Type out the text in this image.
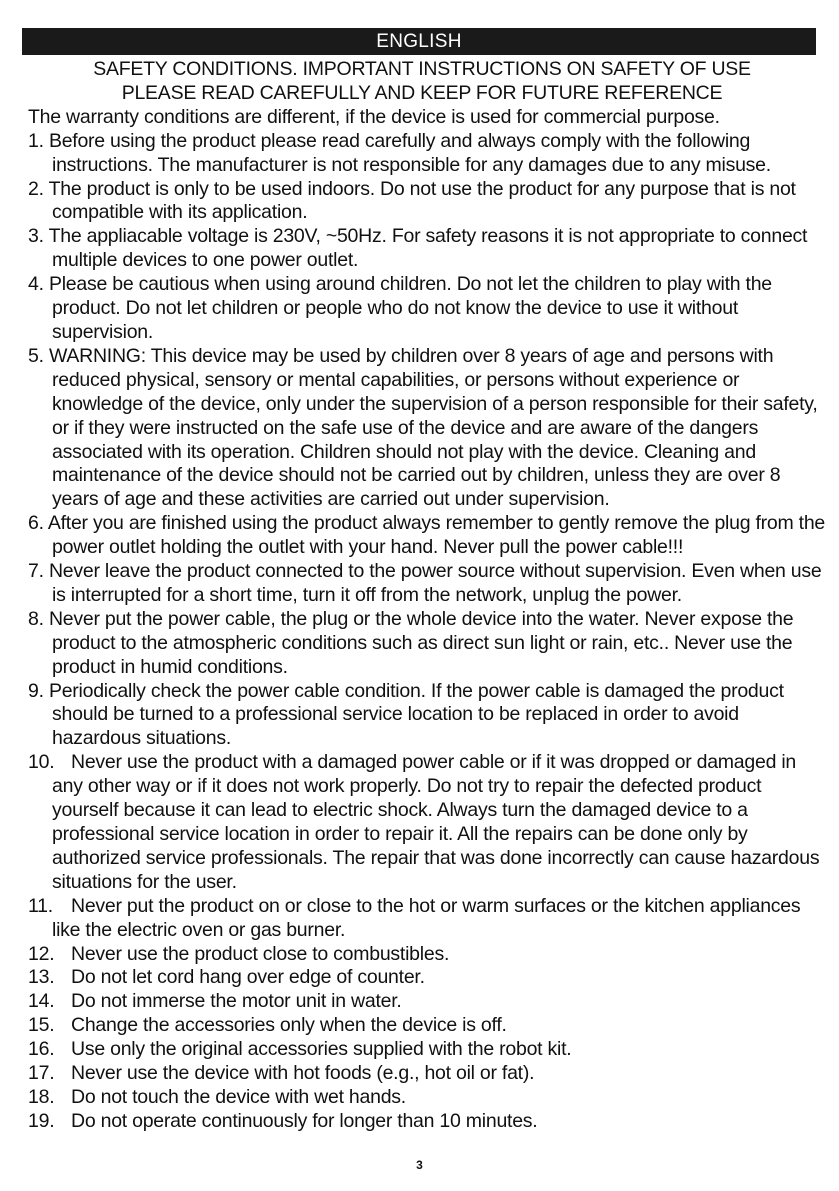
ENGLISH
SAFETY CONDITIONS. IMPORTANT INSTRUCTIONS ON SAFETY OF USE
PLEASE READ CAREFULLY AND KEEP FOR FUTURE REFERENCE
The warranty conditions are different, if the device is used for commercial purpose.
1. Before using the product please read carefully and always comply with the following instructions. The manufacturer is not responsible for any damages due to any misuse.
2. The product is only to be used indoors. Do not use the product for any purpose that is not compatible with its application.
3. The appliacable voltage is 230V, ~50Hz. For safety reasons it is not appropriate to connect multiple devices to one power outlet.
4. Please be cautious when using around children. Do not let the children to play with the product. Do not let children or people who do not know the device to use it without supervision.
5. WARNING: This device may be used by children over 8 years of age and persons with reduced physical, sensory or mental capabilities, or persons without experience or knowledge of the device, only under the supervision of a person responsible for their safety, or if they were instructed on the safe use of the device and are aware of the dangers associated with its operation. Children should not play with the device. Cleaning and maintenance of the device should not be carried out by children, unless they are over 8 years of age and these activities are carried out under supervision.
6. After you are finished using the product always remember to gently remove the plug from the power outlet holding the outlet with your hand. Never pull the power cable!!!
7. Never leave the product connected to the power source without supervision. Even when use is interrupted for a short time, turn it off from the network, unplug the power.
8. Never put the power cable, the plug or the whole device into the water. Never expose the product to the atmospheric conditions such as direct sun light or rain, etc.. Never use the product in humid conditions.
9. Periodically check the power cable condition. If the power cable is damaged the product should be turned to a professional service location to be replaced in order to avoid hazardous situations.
10. Never use the product with a damaged power cable or if it was dropped or damaged in any other way or if it does not work properly. Do not try to repair the defected product yourself because it can lead to electric shock. Always turn the damaged device to a professional service location in order to repair it. All the repairs can be done only by authorized service professionals. The repair that was done incorrectly can cause hazardous situations for the user.
11. Never put the product on or close to the hot or warm surfaces or the kitchen appliances like the electric oven or gas burner.
12. Never use the product close to combustibles.
13. Do not let cord hang over edge of counter.
14. Do not immerse the motor unit in water.
15. Change the accessories only when the device is off.
16. Use only the original accessories supplied with the robot kit.
17. Never use the device with hot foods (e.g., hot oil or fat).
18. Do not touch the device with wet hands.
19. Do not operate continuously for longer than 10 minutes.
3
